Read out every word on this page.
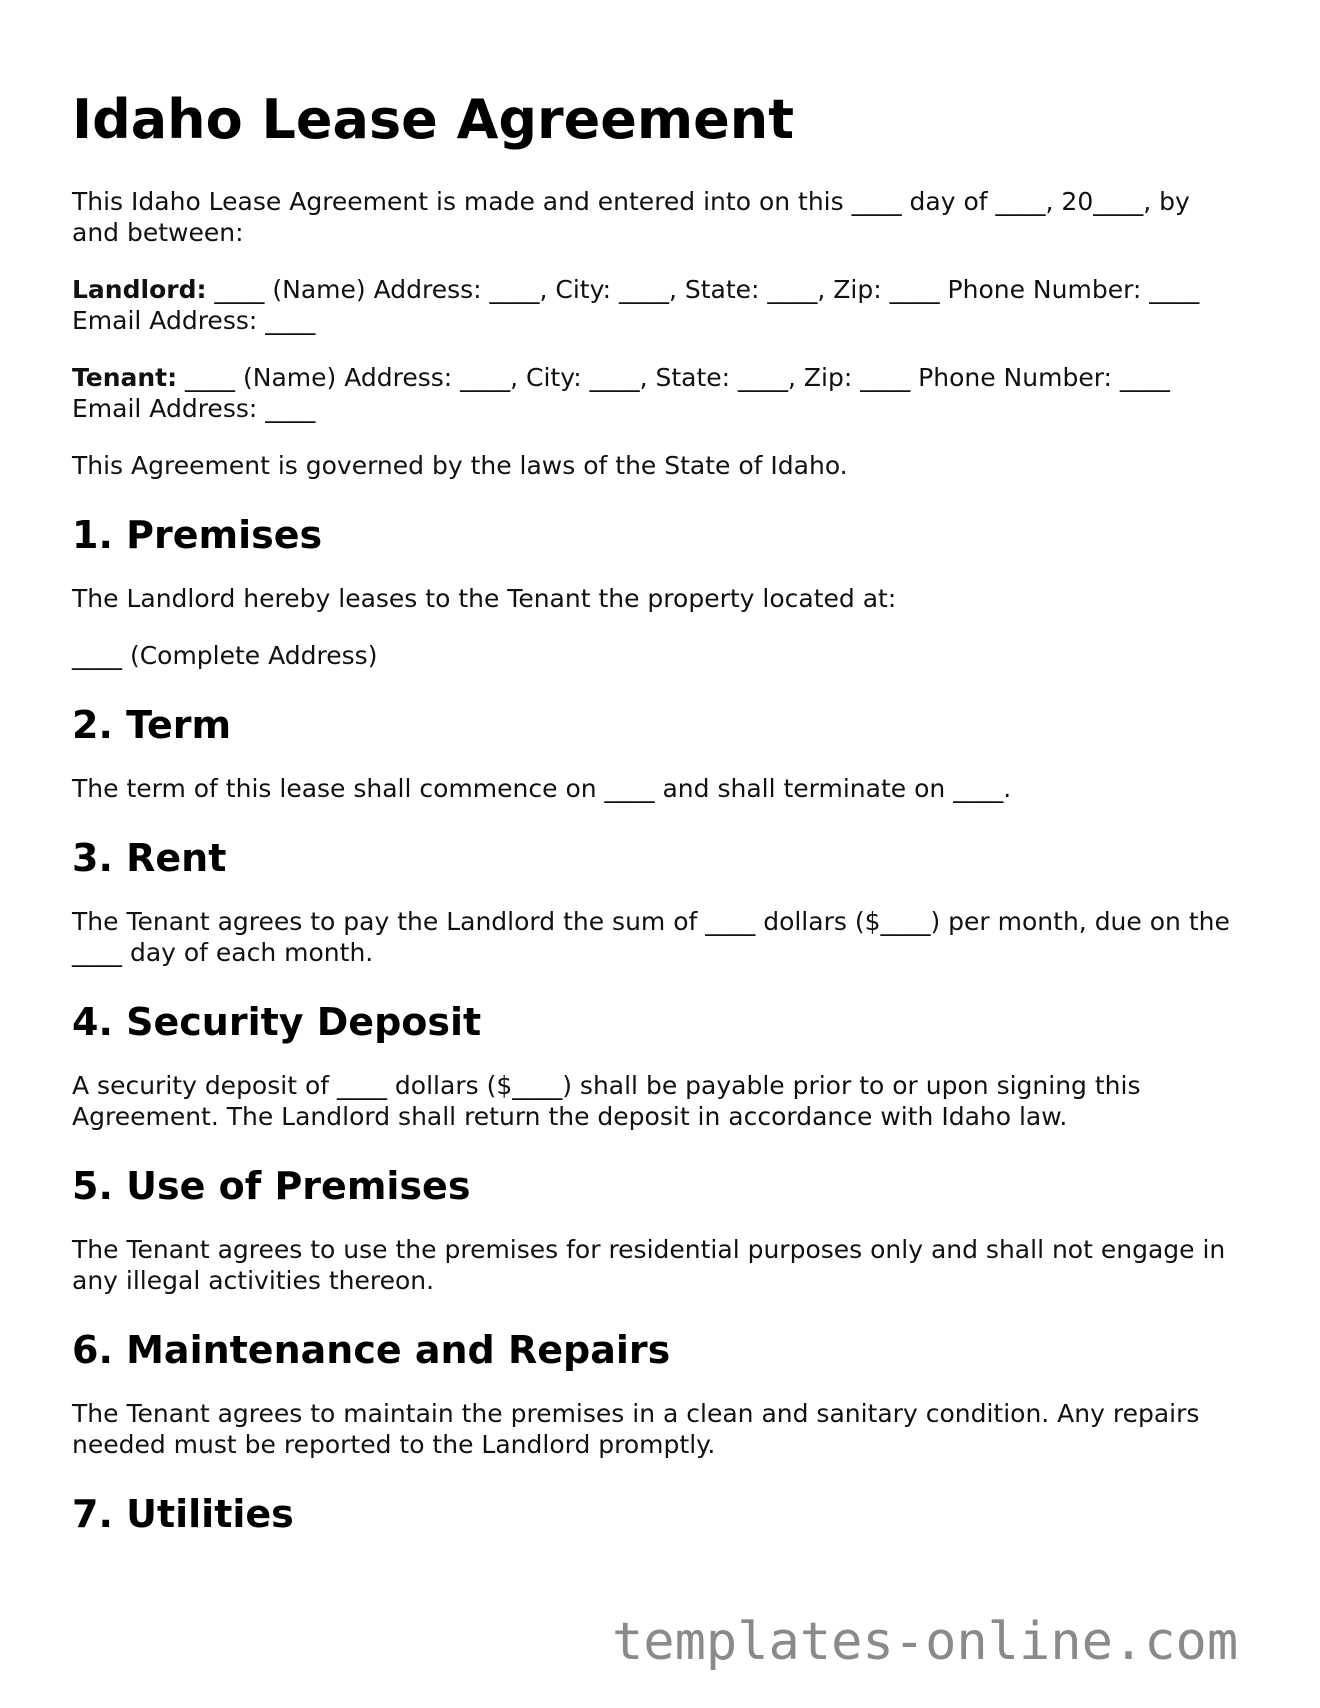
Idaho Lease Agreement

This Idaho Lease Agreement is made and entered into on this ____ day of ____, 20____, by and between:

Landlord: ____ (Name) Address: ____, City: ____, State: ____, Zip: ____ Phone Number: ____ Email Address: ____

Tenant: ____ (Name) Address: ____, City: ____, State: ____, Zip: ____ Phone Number: ____ Email Address: ____

This Agreement is governed by the laws of the State of Idaho.

1. Premises

The Landlord hereby leases to the Tenant the property located at:

____ (Complete Address)

2. Term

The term of this lease shall commence on ____ and shall terminate on ____.

3. Rent

The Tenant agrees to pay the Landlord the sum of ____ dollars ($____) per month, due on the ____ day of each month.

4. Security Deposit

A security deposit of ____ dollars ($____) shall be payable prior to or upon signing this Agreement. The Landlord shall return the deposit in accordance with Idaho law.

5. Use of Premises

The Tenant agrees to use the premises for residential purposes only and shall not engage in any illegal activities thereon.

6. Maintenance and Repairs

The Tenant agrees to maintain the premises in a clean and sanitary condition. Any repairs needed must be reported to the Landlord promptly.

7. Utilities
templates-online.com
